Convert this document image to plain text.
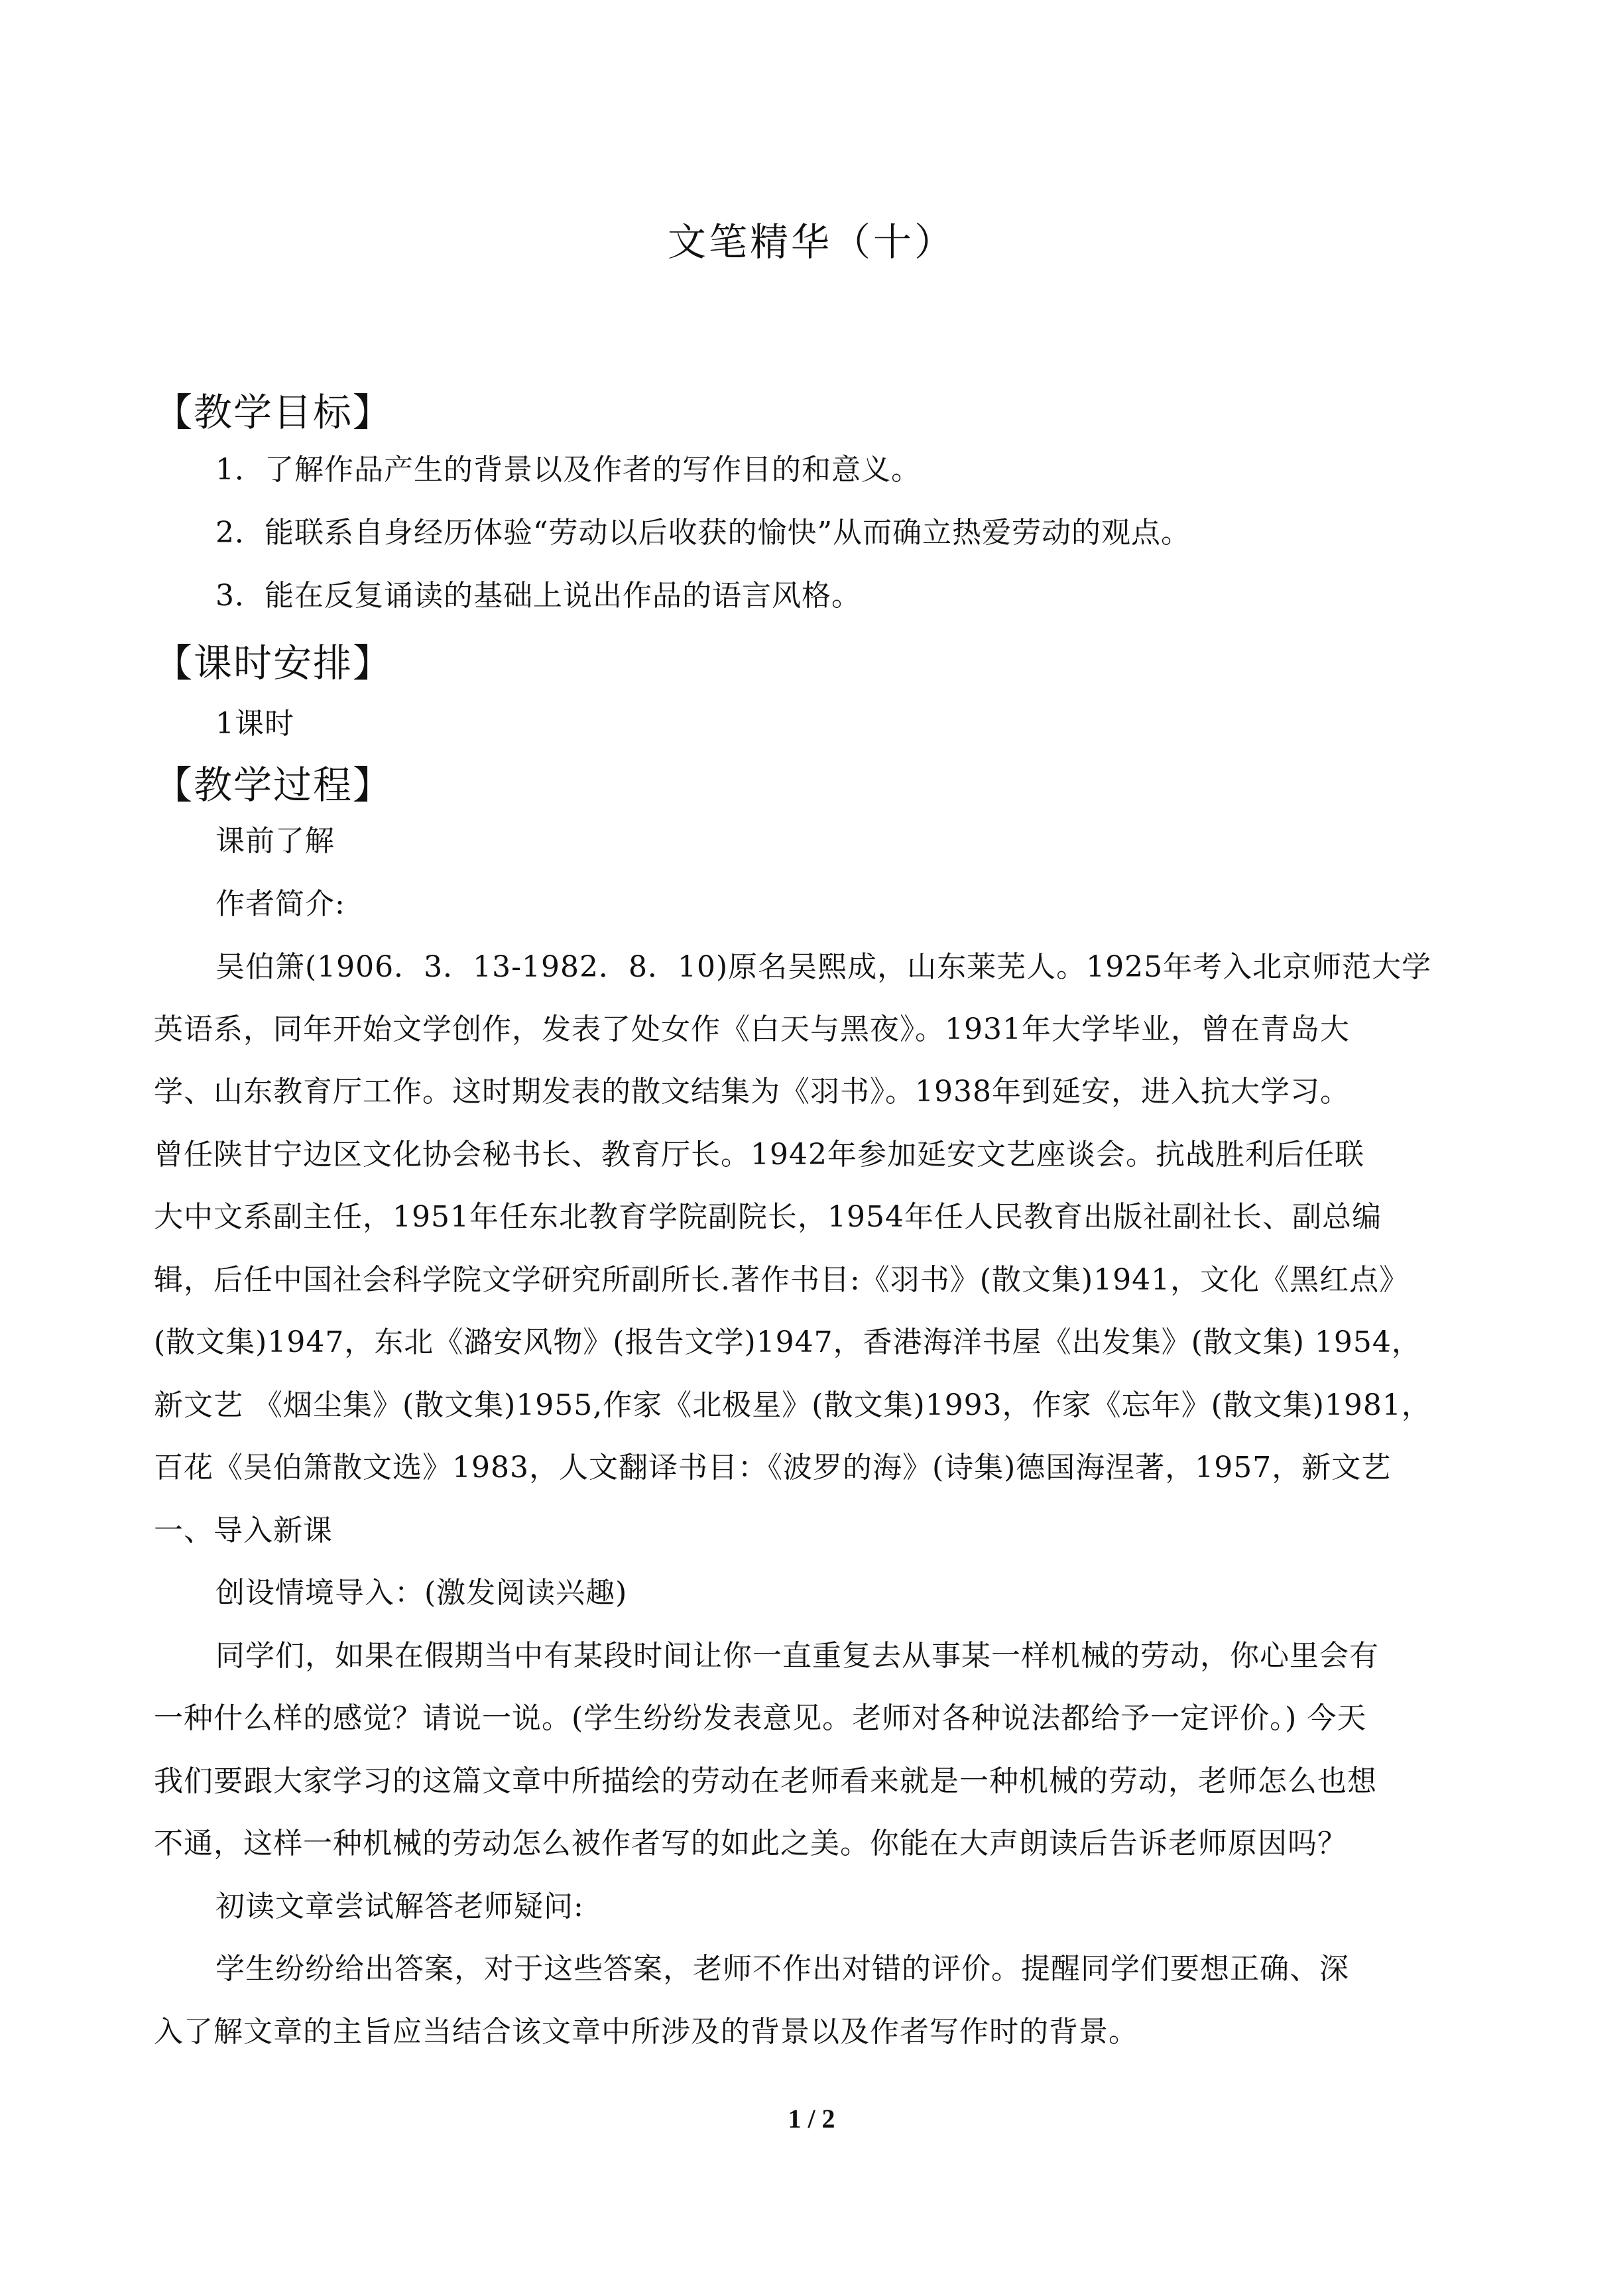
文笔精华（十）
【教学目标】
1．了解作品产生的背景以及作者的写作目的和意义。
2．能联系自身经历体验“劳动以后收获的愉快”从而确立热爱劳动的观点。
3．能在反复诵读的基础上说出作品的语言风格。
【课时安排】
1课时
【教学过程】
课前了解
作者简介:
吴伯箫(1906．3．13-1982．8．10)原名吴熙成，山东莱芜人。1925年考入北京师范大学
英语系，同年开始文学创作，发表了处女作《白天与黑夜》。1931年大学毕业，曾在青岛大
学、山东教育厅工作。这时期发表的散文结集为《羽书》。1938年到延安，进入抗大学习。
曾任陕甘宁边区文化协会秘书长、教育厅长。1942年参加延安文艺座谈会。抗战胜利后任联
大中文系副主任，1951年任东北教育学院副院长，1954年任人民教育出版社副社长、副总编
辑，后任中国社会科学院文学研究所副所长.著作书目:《羽书》(散文集)1941，文化《黑红点》
(散文集)1947，东北《潞安风物》(报告文学)1947，香港海洋书屋《出发集》(散文集) 1954，
新文艺 《烟尘集》(散文集)1955,作家《北极星》(散文集)1993，作家《忘年》(散文集)1981，
百花《吴伯箫散文选》1983，人文翻译书目：《波罗的海》(诗集)德国海涅著，1957，新文艺
一、导入新课
创设情境导入：(激发阅读兴趣)
同学们，如果在假期当中有某段时间让你一直重复去从事某一样机械的劳动，你心里会有
一种什么样的感觉？请说一说。(学生纷纷发表意见。老师对各种说法都给予一定评价。) 今天
我们要跟大家学习的这篇文章中所描绘的劳动在老师看来就是一种机械的劳动，老师怎么也想
不通，这样一种机械的劳动怎么被作者写的如此之美。你能在大声朗读后告诉老师原因吗？
初读文章尝试解答老师疑问:
学生纷纷给出答案，对于这些答案，老师不作出对错的评价。提醒同学们要想正确、深
入了解文章的主旨应当结合该文章中所涉及的背景以及作者写作时的背景。
1 / 2
